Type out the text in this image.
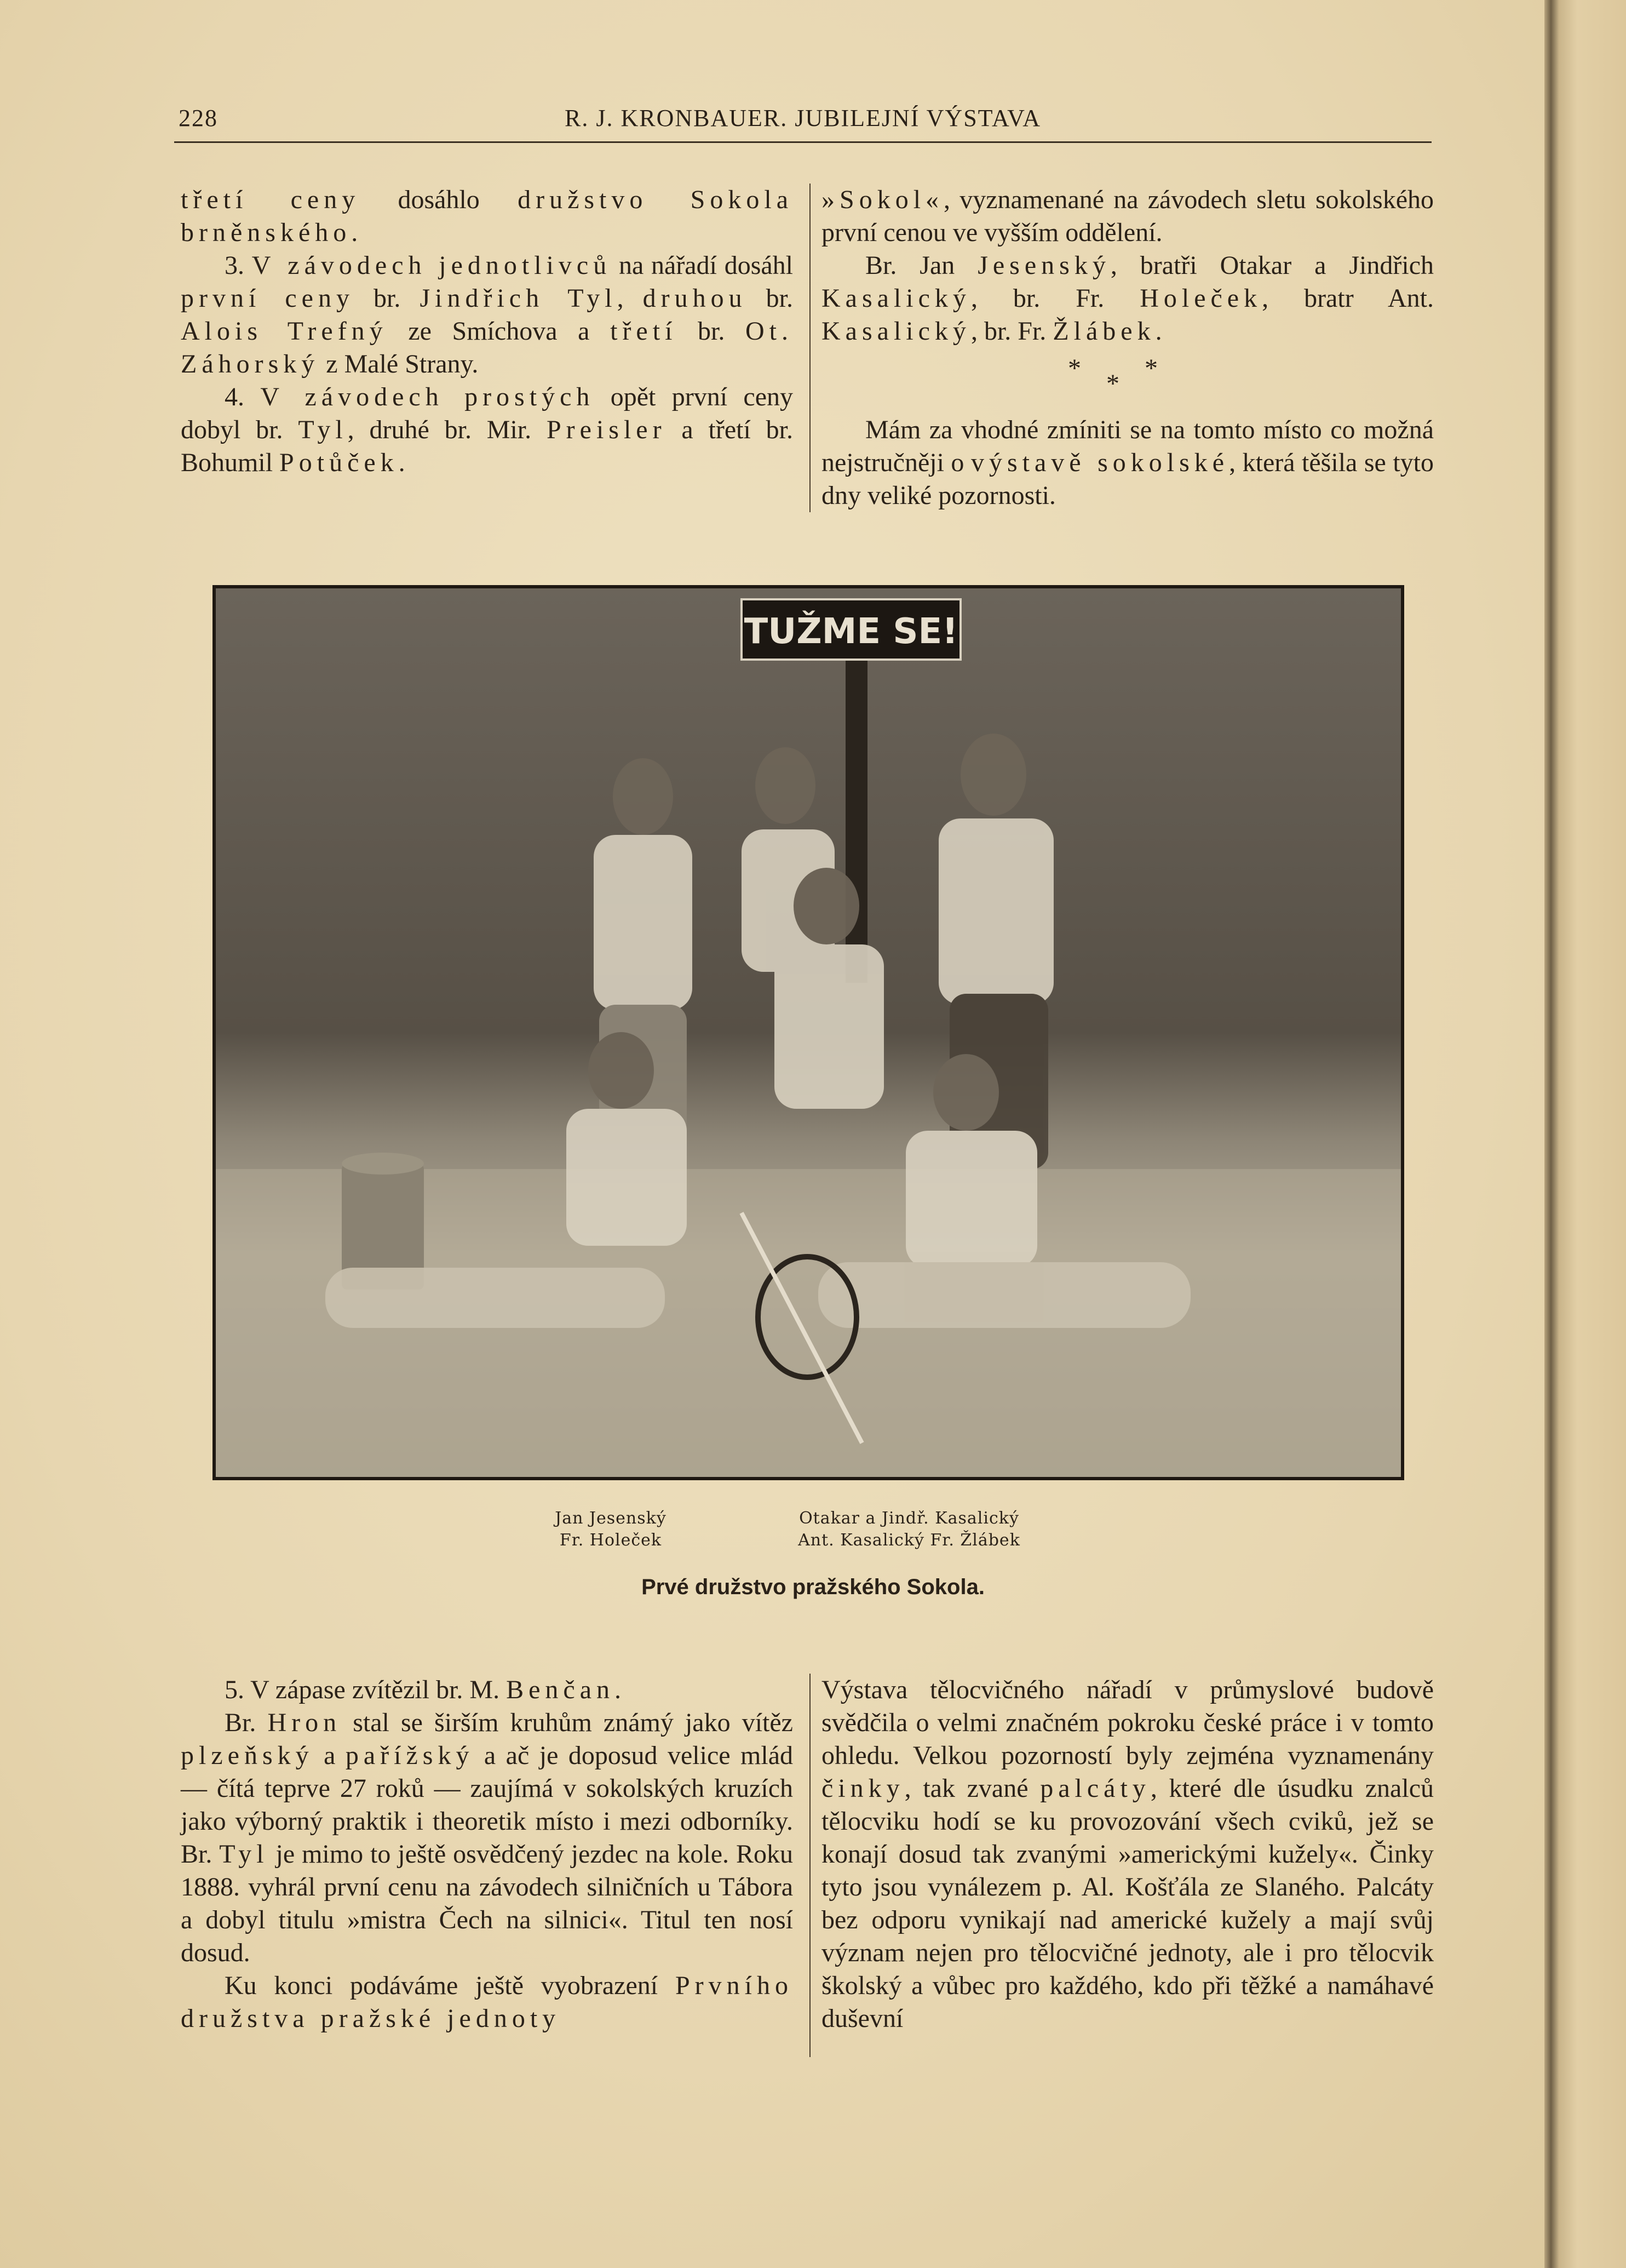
228	R. J. KRONBAUER. JUBILEJNÍ VÝSTAVA

třetí ceny dosáhlo družstvo Sokola brněnského.

3. V závodech jednotlivců na nářadí dosáhl první ceny br. Jindřich Tyl, druhou br. Alois Trefný ze Smíchova a třetí br. Ot. Záhorský z Malé Strany.

4. V závodech prostých opět první ceny dobyl br. Tyl, druhé br. Mir. Preisler a třetí br. Bohumil Potůček.

»Sokol«, vyznamenané na závodech sletu sokolského první cenou ve vyšším oddělení.

Br. Jan Jesenský, bratři Otakar a Jindřich Kasalický, br. Fr. Holeček, bratr Ant. Kasalický, br. Fr. Žlábek.

Mám za vhodné zmíniti se na tomto místo co možná nejstručněji o výstavě sokolské, která těšila se tyto dny veliké pozornosti.

*
*
*
TUŽME SE!
Jan Jesenský
Fr. Holeček
Otakar a Jindř. Kasalický
Ant. Kasalický Fr. Žlábek
Prvé družstvo pražského Sokola.

5. V zápase zvítězil br. M. Benčan.

Br. Hron stal se širším kruhům známý jako vítěz plzeňský a pařížský a ač je doposud velice mlád — čítá teprve 27 roků — zaujímá v sokolských kruzích jako výborný praktik i theoretik místo i mezi odborníky. Br. Tyl je mimo to ještě osvědčený jezdec na kole. Roku 1888. vyhrál první cenu na závodech silničních u Tábora a dobyl titulu »mistra Čech na silnici«. Titul ten nosí dosud.

Ku konci podáváme ještě vyobrazení Prvního družstva pražské jednoty

Výstava tělocvičného nářadí v průmyslové budově svědčila o velmi značném pokroku české práce i v tomto ohledu. Velkou pozorností byly zejména vyznamenány činky, tak zvané palcáty, které dle úsudku znalců tělocviku hodí se ku provozování všech cviků, jež se konají dosud tak zvanými »americkými kužely«. Činky tyto jsou vynálezem p. Al. Košťála ze Slaného. Palcáty bez odporu vynikají nad americké kužely a mají svůj význam nejen pro tělocvičné jednoty, ale i pro tělocvik školský a vůbec pro každého, kdo při těžké a namáhavé duševní
